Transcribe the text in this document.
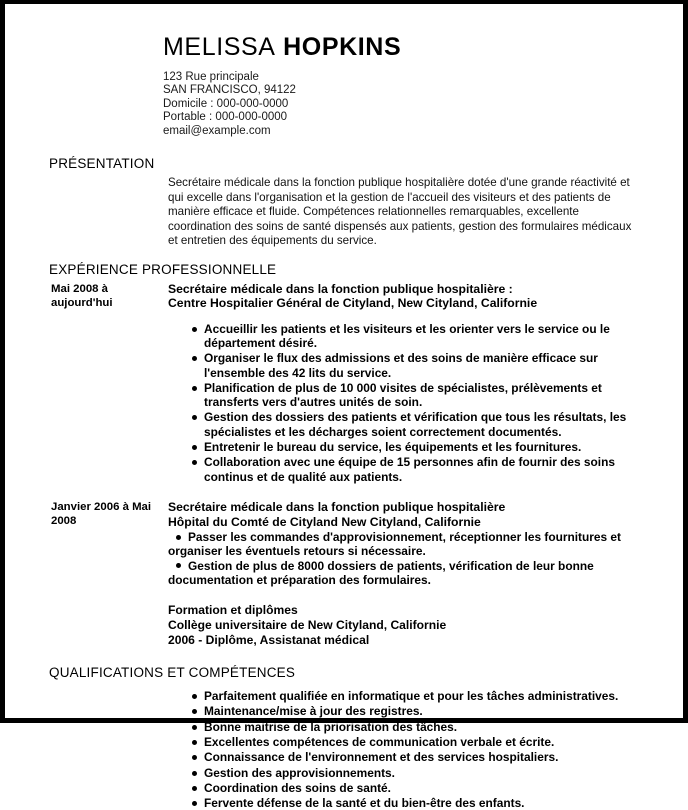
MELISSA HOPKINS
123 Rue principale
SAN FRANCISCO, 94122
Domicile : 000-000-0000
Portable : 000-000-0000
email@example.com
PRÉSENTATION
Secrétaire médicale dans la fonction publique hospitalière dotée d'une grande réactivité et qui excelle dans l'organisation et la gestion de l'accueil des visiteurs et des patients de manière efficace et fluide. Compétences relationnelles remarquables, excellente coordination des soins de santé dispensés aux patients, gestion des formulaires médicaux et entretien des équipements du service.
EXPÉRIENCE PROFESSIONNELLE
Mai 2008 à aujourd'hui
Secrétaire médicale dans la fonction publique hospitalière :
Centre Hospitalier Général de Cityland, New Cityland, Californie
Accueillir les patients et les visiteurs et les orienter vers le service ou le département désiré.
Organiser le flux des admissions et des soins de manière efficace sur l'ensemble des 42 lits du service.
Planification de plus de 10 000 visites de spécialistes, prélèvements et transferts vers d'autres unités de soin.
Gestion des dossiers des patients et vérification que tous les résultats, les spécialistes et les décharges soient correctement documentés.
Entretenir le bureau du service, les équipements et les fournitures.
Collaboration avec une équipe de 15 personnes afin de fournir des soins continus et de qualité aux patients.
Janvier 2006 à Mai 2008
Secrétaire médicale dans la fonction publique hospitalière
Hôpital du Comté de Cityland New Cityland, Californie
Passer les commandes d'approvisionnement, réceptionner les fournitures et organiser les éventuels retours si nécessaire.
Gestion de plus de 8000 dossiers de patients, vérification de leur bonne documentation et préparation des formulaires.
Formation et diplômes
Collège universitaire de New Cityland, Californie
2006 - Diplôme, Assistanat médical
QUALIFICATIONS ET COMPÉTENCES
Parfaitement qualifiée en informatique et pour les tâches administratives.
Maintenance/mise à jour des registres.
Bonne maitrise de la priorisation des tâches.
Excellentes compétences de communication verbale et écrite.
Connaissance de l'environnement et des services hospitaliers.
Gestion des approvisionnements.
Coordination des soins de santé.
Fervente défense de la santé et du bien-être des enfants.
